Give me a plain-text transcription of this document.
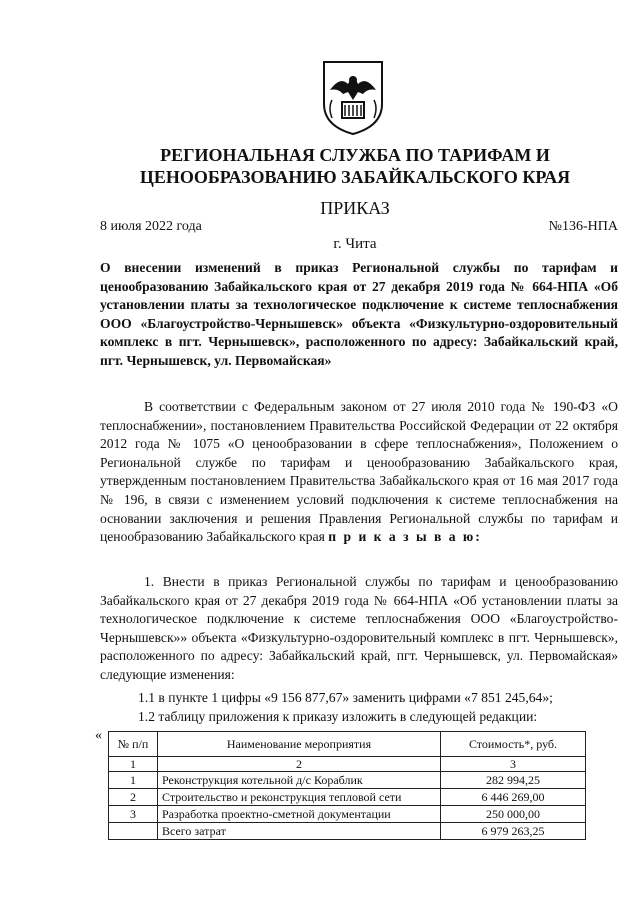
РЕГИОНАЛЬНАЯ СЛУЖБА ПО ТАРИФАМ И
ЦЕНООБРАЗОВАНИЮ ЗАБАЙКАЛЬСКОГО КРАЯ
ПРИКАЗ
8 июля 2022 года	№136-НПА
г. Чита
О внесении изменений в приказ Региональной службы по тарифам и ценообразованию Забайкальского края от 27 декабря 2019 года № 664-НПА «Об установлении платы за технологическое подключение к системе теплоснабжения ООО «Благоустройство-Чернышевск» объекта «Физкультурно-оздоровительный комплекс в пгт. Чернышевск», расположенного по адресу: Забайкальский край, пгт. Чернышевск, ул. Первомайская»
В соответствии с Федеральным законом от 27 июля 2010 года № 190-ФЗ «О теплоснабжении», постановлением Правительства Российской Федерации от 22 октября 2012 года № 1075 «О ценообразовании в сфере теплоснабжения», Положением о Региональной службе по тарифам и ценообразованию Забайкальского края, утвержденным постановлением Правительства Забайкальского края от 16 мая 2017 года № 196, в связи с изменением условий подключения к системе теплоснабжения на основании заключения и решения Правления Региональной службы по тарифам и ценообразованию Забайкальского края п р и к а з ы в а ю:
1. Внести в приказ Региональной службы по тарифам и ценообразованию Забайкальского края от 27 декабря 2019 года № 664-НПА «Об установлении платы за технологическое подключение к системе теплоснабжения ООО «Благоустройство-Чернышевск»» объекта «Физкультурно-оздоровительный комплекс в пгт. Чернышевск», расположенного по адресу: Забайкальский край, пгт. Чернышевск, ул. Первомайская» следующие изменения:
1.1 в пункте 1 цифры «9 156 877,67» заменить цифрами «7 851 245,64»;
1.2 таблицу приложения к приказу изложить в следующей редакции:
«
№ п/п	Наименование мероприятия	Стоимость*, руб.
1	2	3
1	Реконструкция котельной д/с Кораблик	282 994,25
2	Строительство и реконструкция тепловой сети	6 446 269,00
3	Разработка проектно-сметной документации	250 000,00
	Всего затрат	6 979 263,25
